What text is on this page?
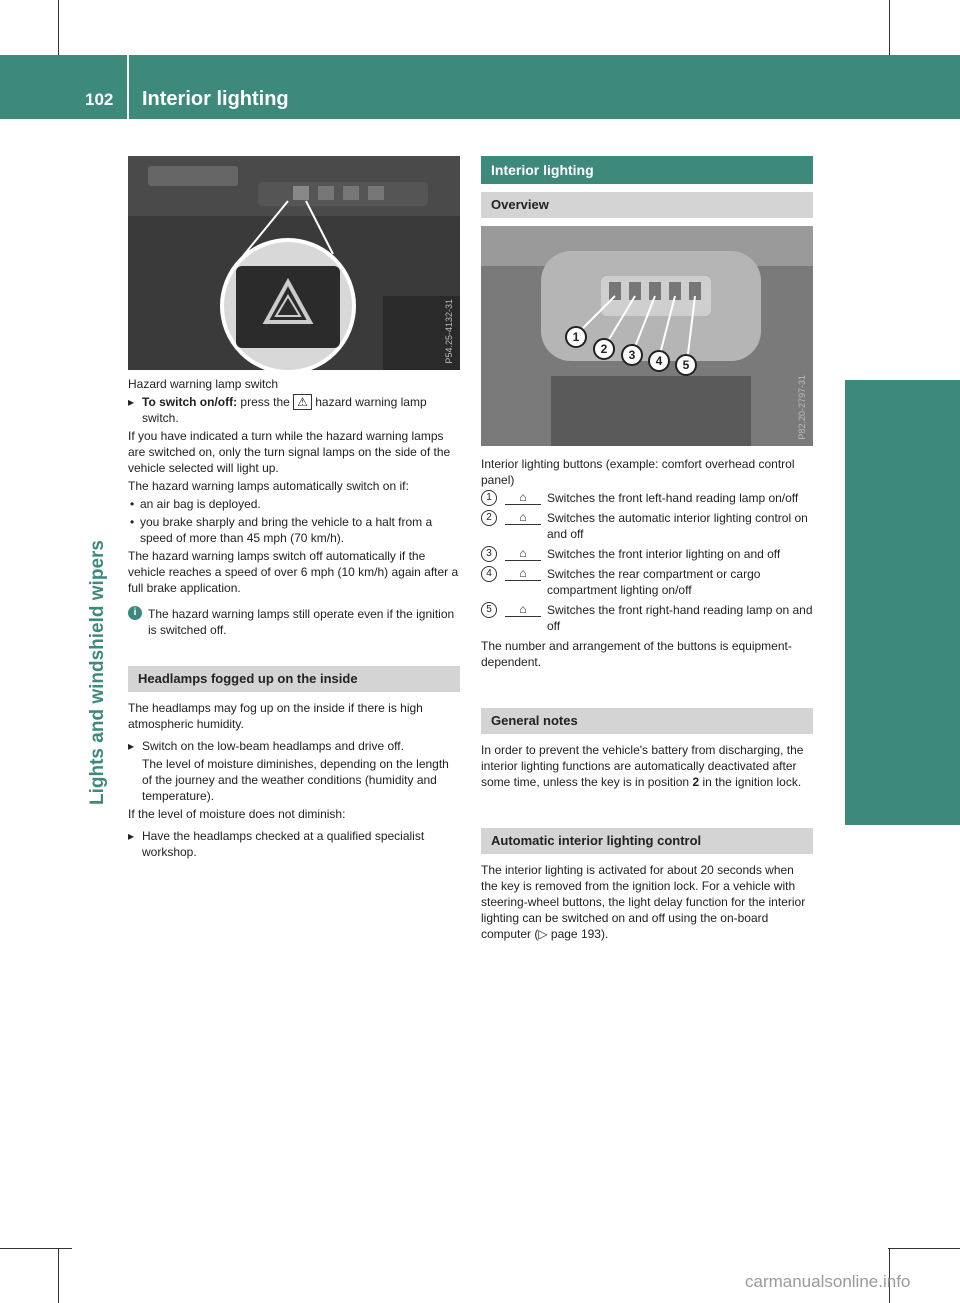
102 Interior lighting
Lights and windshield wipers
P54.25-4132-31

Hazard warning lamp switch

▸ To switch on/off: press the ⚠ hazard warning lamp switch.

If you have indicated a turn while the hazard warning lamps are switched on, only the turn signal lamps on the side of the vehicle selected will light up.

The hazard warning lamps automatically switch on if:

• an air bag is deployed.

• you brake sharply and bring the vehicle to a halt from a speed of more than 45 mph (70 km/h).

The hazard warning lamps switch off automatically if the vehicle reaches a speed of over 6 mph (10 km/h) again after a full brake application.

i The hazard warning lamps still operate even if the ignition is switched off.
Headlamps fogged up on the inside

The headlamps may fog up on the inside if there is high atmospheric humidity.

▸ Switch on the low-beam headlamps and drive off.

The level of moisture diminishes, depending on the length of the journey and the weather conditions (humidity and temperature).

If the level of moisture does not diminish:

▸ Have the headlamps checked at a qualified specialist workshop.

Interior lighting
Overview
1
2	3	4	5
P82.20-2797-31

Interior lighting buttons (example: comfort overhead control panel)

1	⌂	Switches the front left-hand reading lamp on/off
2	⌂	Switches the automatic interior lighting control on and off
3	⌂	Switches the front interior lighting on and off
4	⌂	Switches the rear compartment or cargo compartment lighting on/off
5	⌂	Switches the front right-hand reading lamp on and off

The number and arrangement of the buttons is equipment-dependent.

General notes

In order to prevent the vehicle's battery from discharging, the interior lighting functions are automatically deactivated after some time, unless the key is in position 2 in the ignition lock.

Automatic interior lighting control

The interior lighting is activated for about 20 seconds when the key is removed from the ignition lock. For a vehicle with steering-wheel buttons, the light delay function for the interior lighting can be switched on and off using the on-board computer (▷ page 193).

carmanualsonline.info
